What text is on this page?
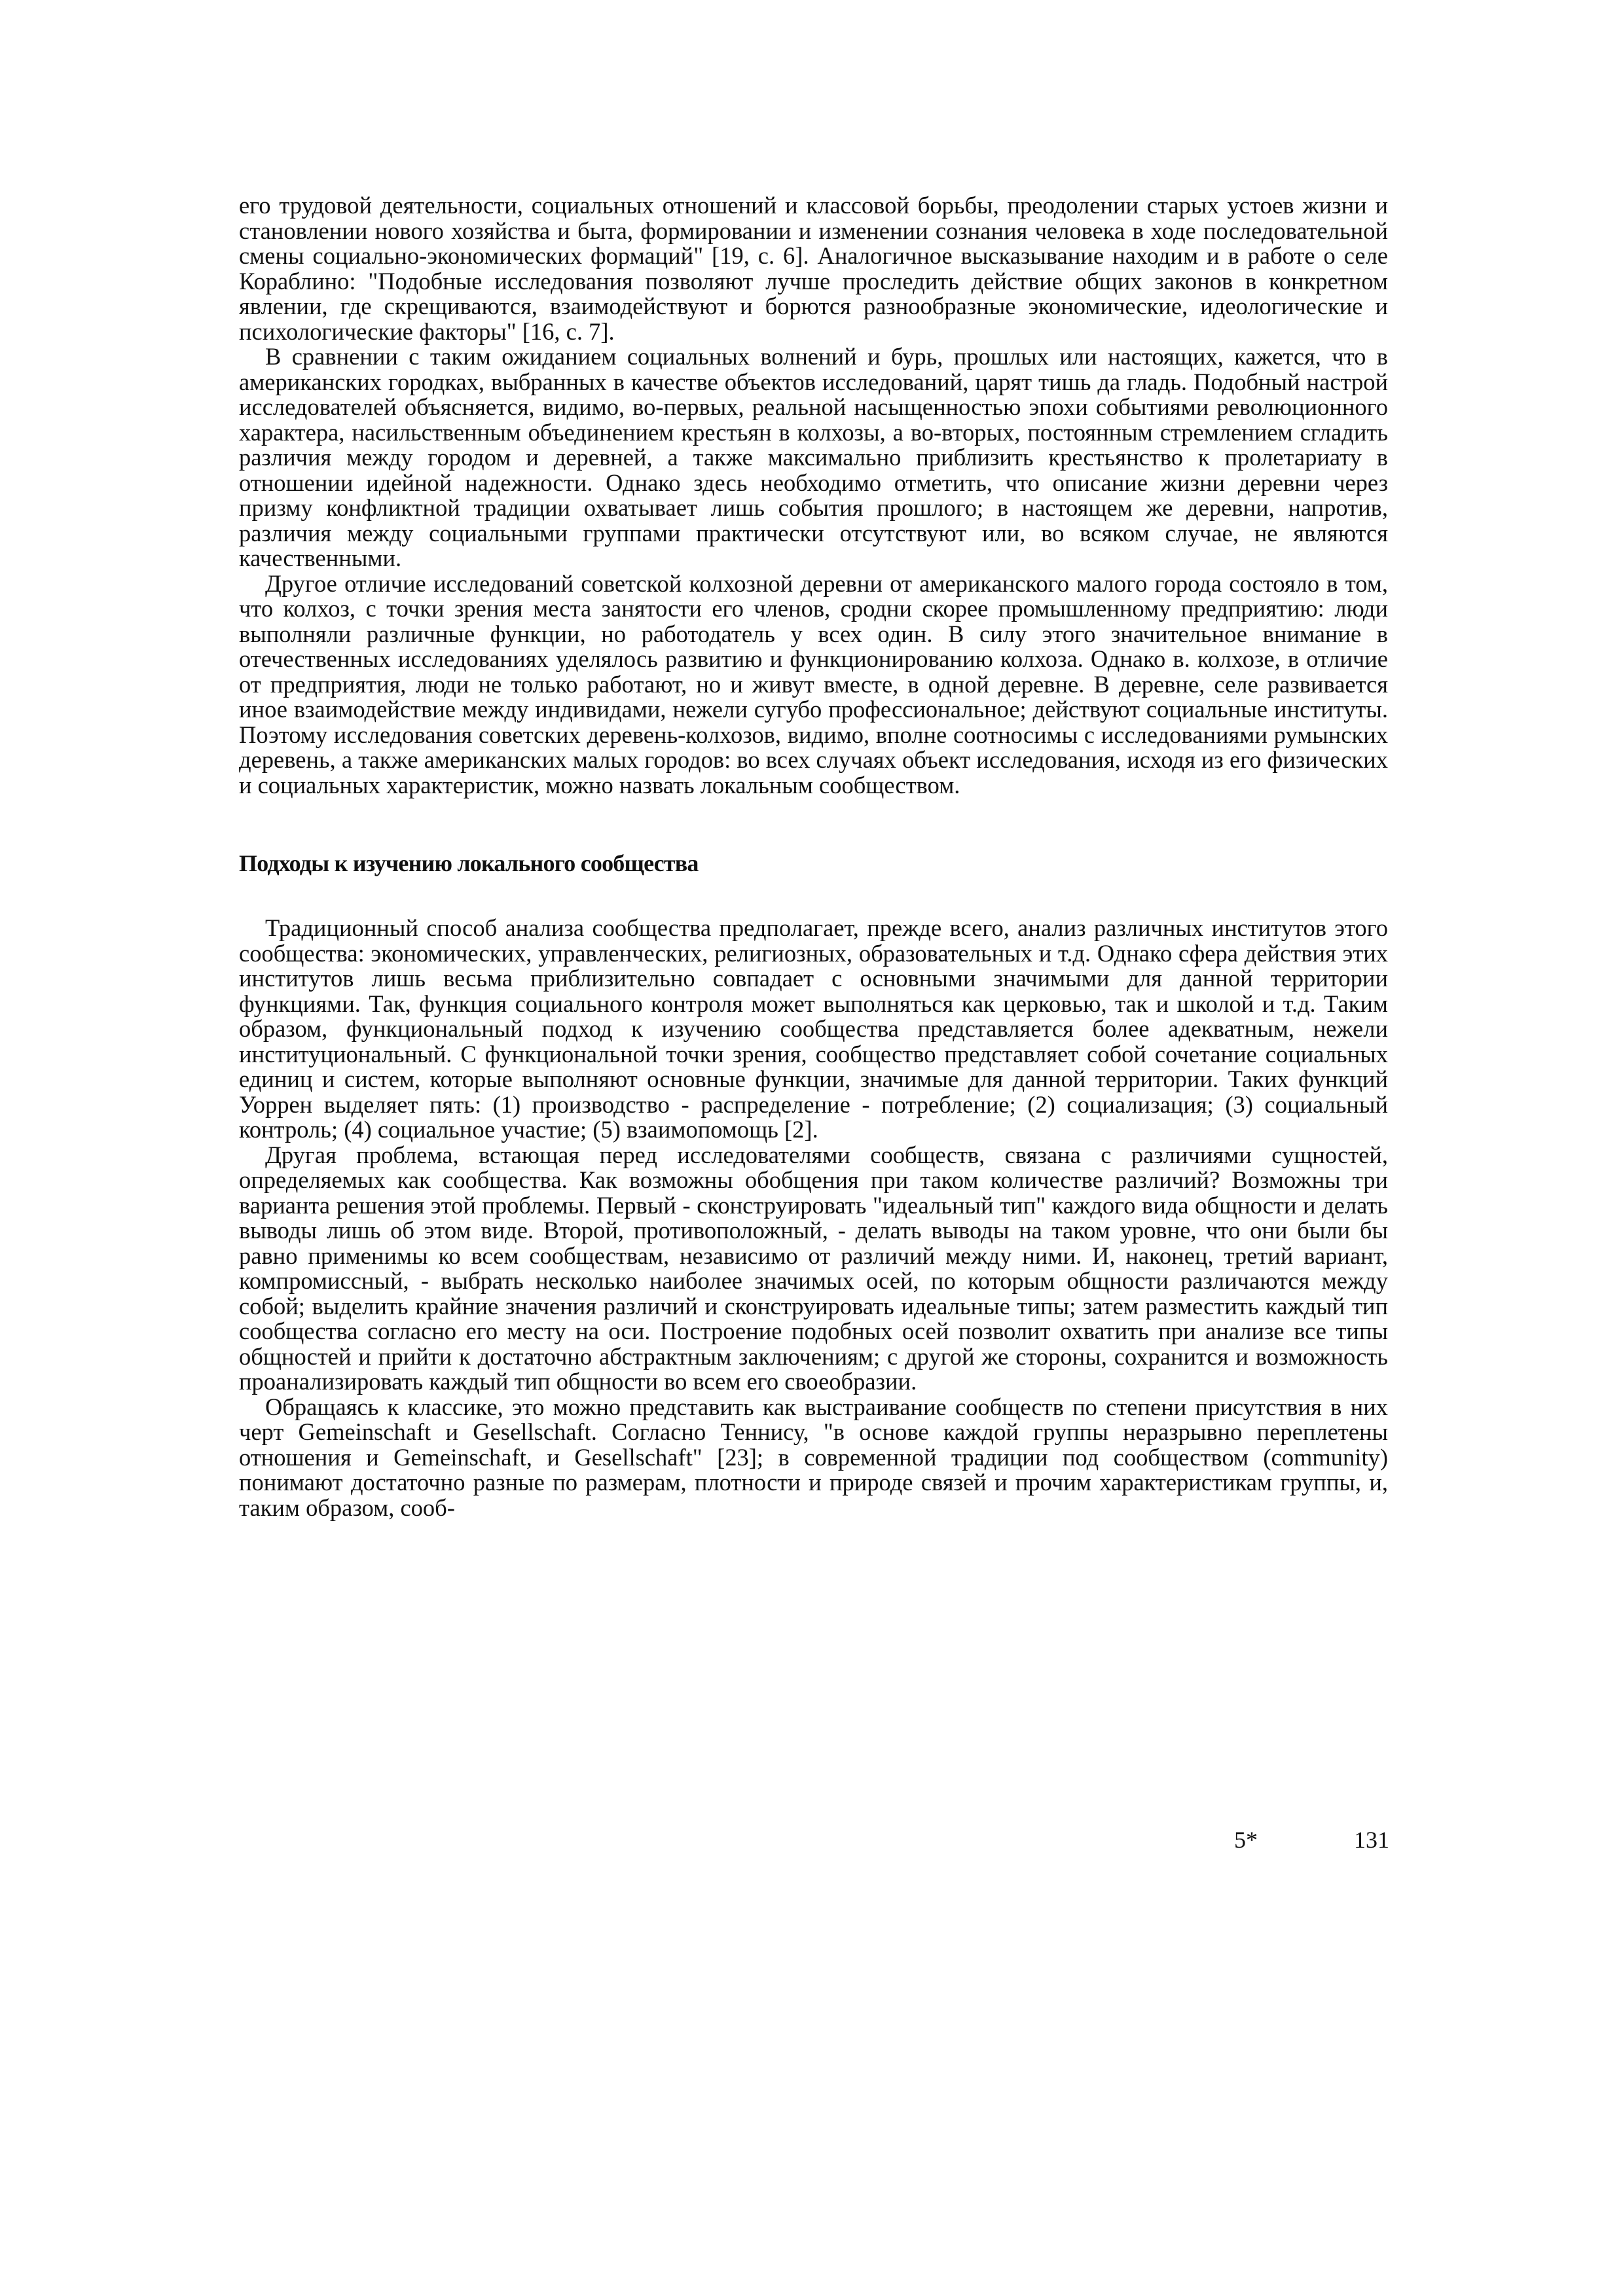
его трудовой деятельности, социальных отношений и классовой борьбы, преодолении старых устоев жизни и становлении нового хозяйства и быта, формировании и изменении сознания человека в ходе последовательной смены социально-экономических формаций" [19, с. 6]. Аналогичное высказывание находим и в работе о селе Кораблино: "Подобные исследования позволяют лучше проследить действие общих законов в конкретном явлении, где скрещиваются, взаимодействуют и борются разнообразные экономические, идеологические и психологические факторы" [16, с. 7].

В сравнении с таким ожиданием социальных волнений и бурь, прошлых или настоящих, кажется, что в американских городках, выбранных в качестве объектов исследований, царят тишь да гладь. Подобный настрой исследователей объясняется, видимо, во-первых, реальной насыщенностью эпохи событиями революционного характера, насильственным объединением крестьян в колхозы, а во-вторых, постоянным стремлением сгладить различия между городом и деревней, а также максимально приблизить крестьянство к пролетариату в отношении идейной надежности. Однако здесь необходимо отметить, что описание жизни деревни через призму конфликтной традиции охватывает лишь события прошлого; в настоящем же деревни, напротив, различия между социальными группами практически отсутствуют или, во всяком случае, не являются качественными.

Другое отличие исследований советской колхозной деревни от американского малого города состояло в том, что колхоз, с точки зрения места занятости его членов, сродни скорее промышленному предприятию: люди выполняли различные функции, но работодатель у всех один. В силу этого значительное внимание в отечественных исследованиях уделялось развитию и функционированию колхоза. Однако в. колхозе, в отличие от предприятия, люди не только работают, но и живут вместе, в одной деревне. В деревне, селе развивается иное взаимодействие между индивидами, нежели сугубо профессиональное; действуют социальные институты. Поэтому исследования советских деревень-колхозов, видимо, вполне соотносимы с исследованиями румынских деревень, а также американских малых городов: во всех случаях объект исследования, исходя из его физических и социальных характеристик, можно назвать локальным сообществом.

Подходы к изучению локального сообщества

Традиционный способ анализа сообщества предполагает, прежде всего, анализ различных институтов этого сообщества: экономических, управленческих, религиозных, образовательных и т.д. Однако сфера действия этих институтов лишь весьма приблизительно совпадает с основными значимыми для данной территории функциями. Так, функция социального контроля может выполняться как церковью, так и школой и т.д. Таким образом, функциональный подход к изучению сообщества представляется более адекватным, нежели институциональный. С функциональной точки зрения, сообщество представляет собой сочетание социальных единиц и систем, которые выполняют основные функции, значимые для данной территории. Таких функций Уоррен выделяет пять: (1) производство - распределение - потребление; (2) социализация; (3) социальный контроль; (4) социальное участие; (5) взаимопомощь [2].

Другая проблема, встающая перед исследователями сообществ, связана с различиями сущностей, определяемых как сообщества. Как возможны обобщения при таком количестве различий? Возможны три варианта решения этой проблемы. Первый - сконструировать "идеальный тип" каждого вида общности и делать выводы лишь об этом виде. Второй, противоположный, - делать выводы на таком уровне, что они были бы равно применимы ко всем сообществам, независимо от различий между ними. И, наконец, третий вариант, компромиссный, - выбрать несколько наиболее значимых осей, по которым общности различаются между собой; выделить крайние значения различий и сконструировать идеальные типы; затем разместить каждый тип сообщества согласно его месту на оси. Построение подобных осей позволит охватить при анализе все типы общностей и прийти к достаточно абстрактным заключениям; с другой же стороны, сохранится и возможность проанализировать каждый тип общности во всем его своеобразии.

Обращаясь к классике, это можно представить как выстраивание сообществ по степени присутствия в них черт Gemeinschaft и Gesellschaft. Согласно Теннису, "в основе каждой группы неразрывно переплетены отношения и Gemeinschaft, и Gesellschaft" [23]; в современной традиции под сообществом (community) понимают достаточно разные по размерам, плотности и природе связей и прочим характеристикам группы, и, таким образом, сооб-

5*	131
